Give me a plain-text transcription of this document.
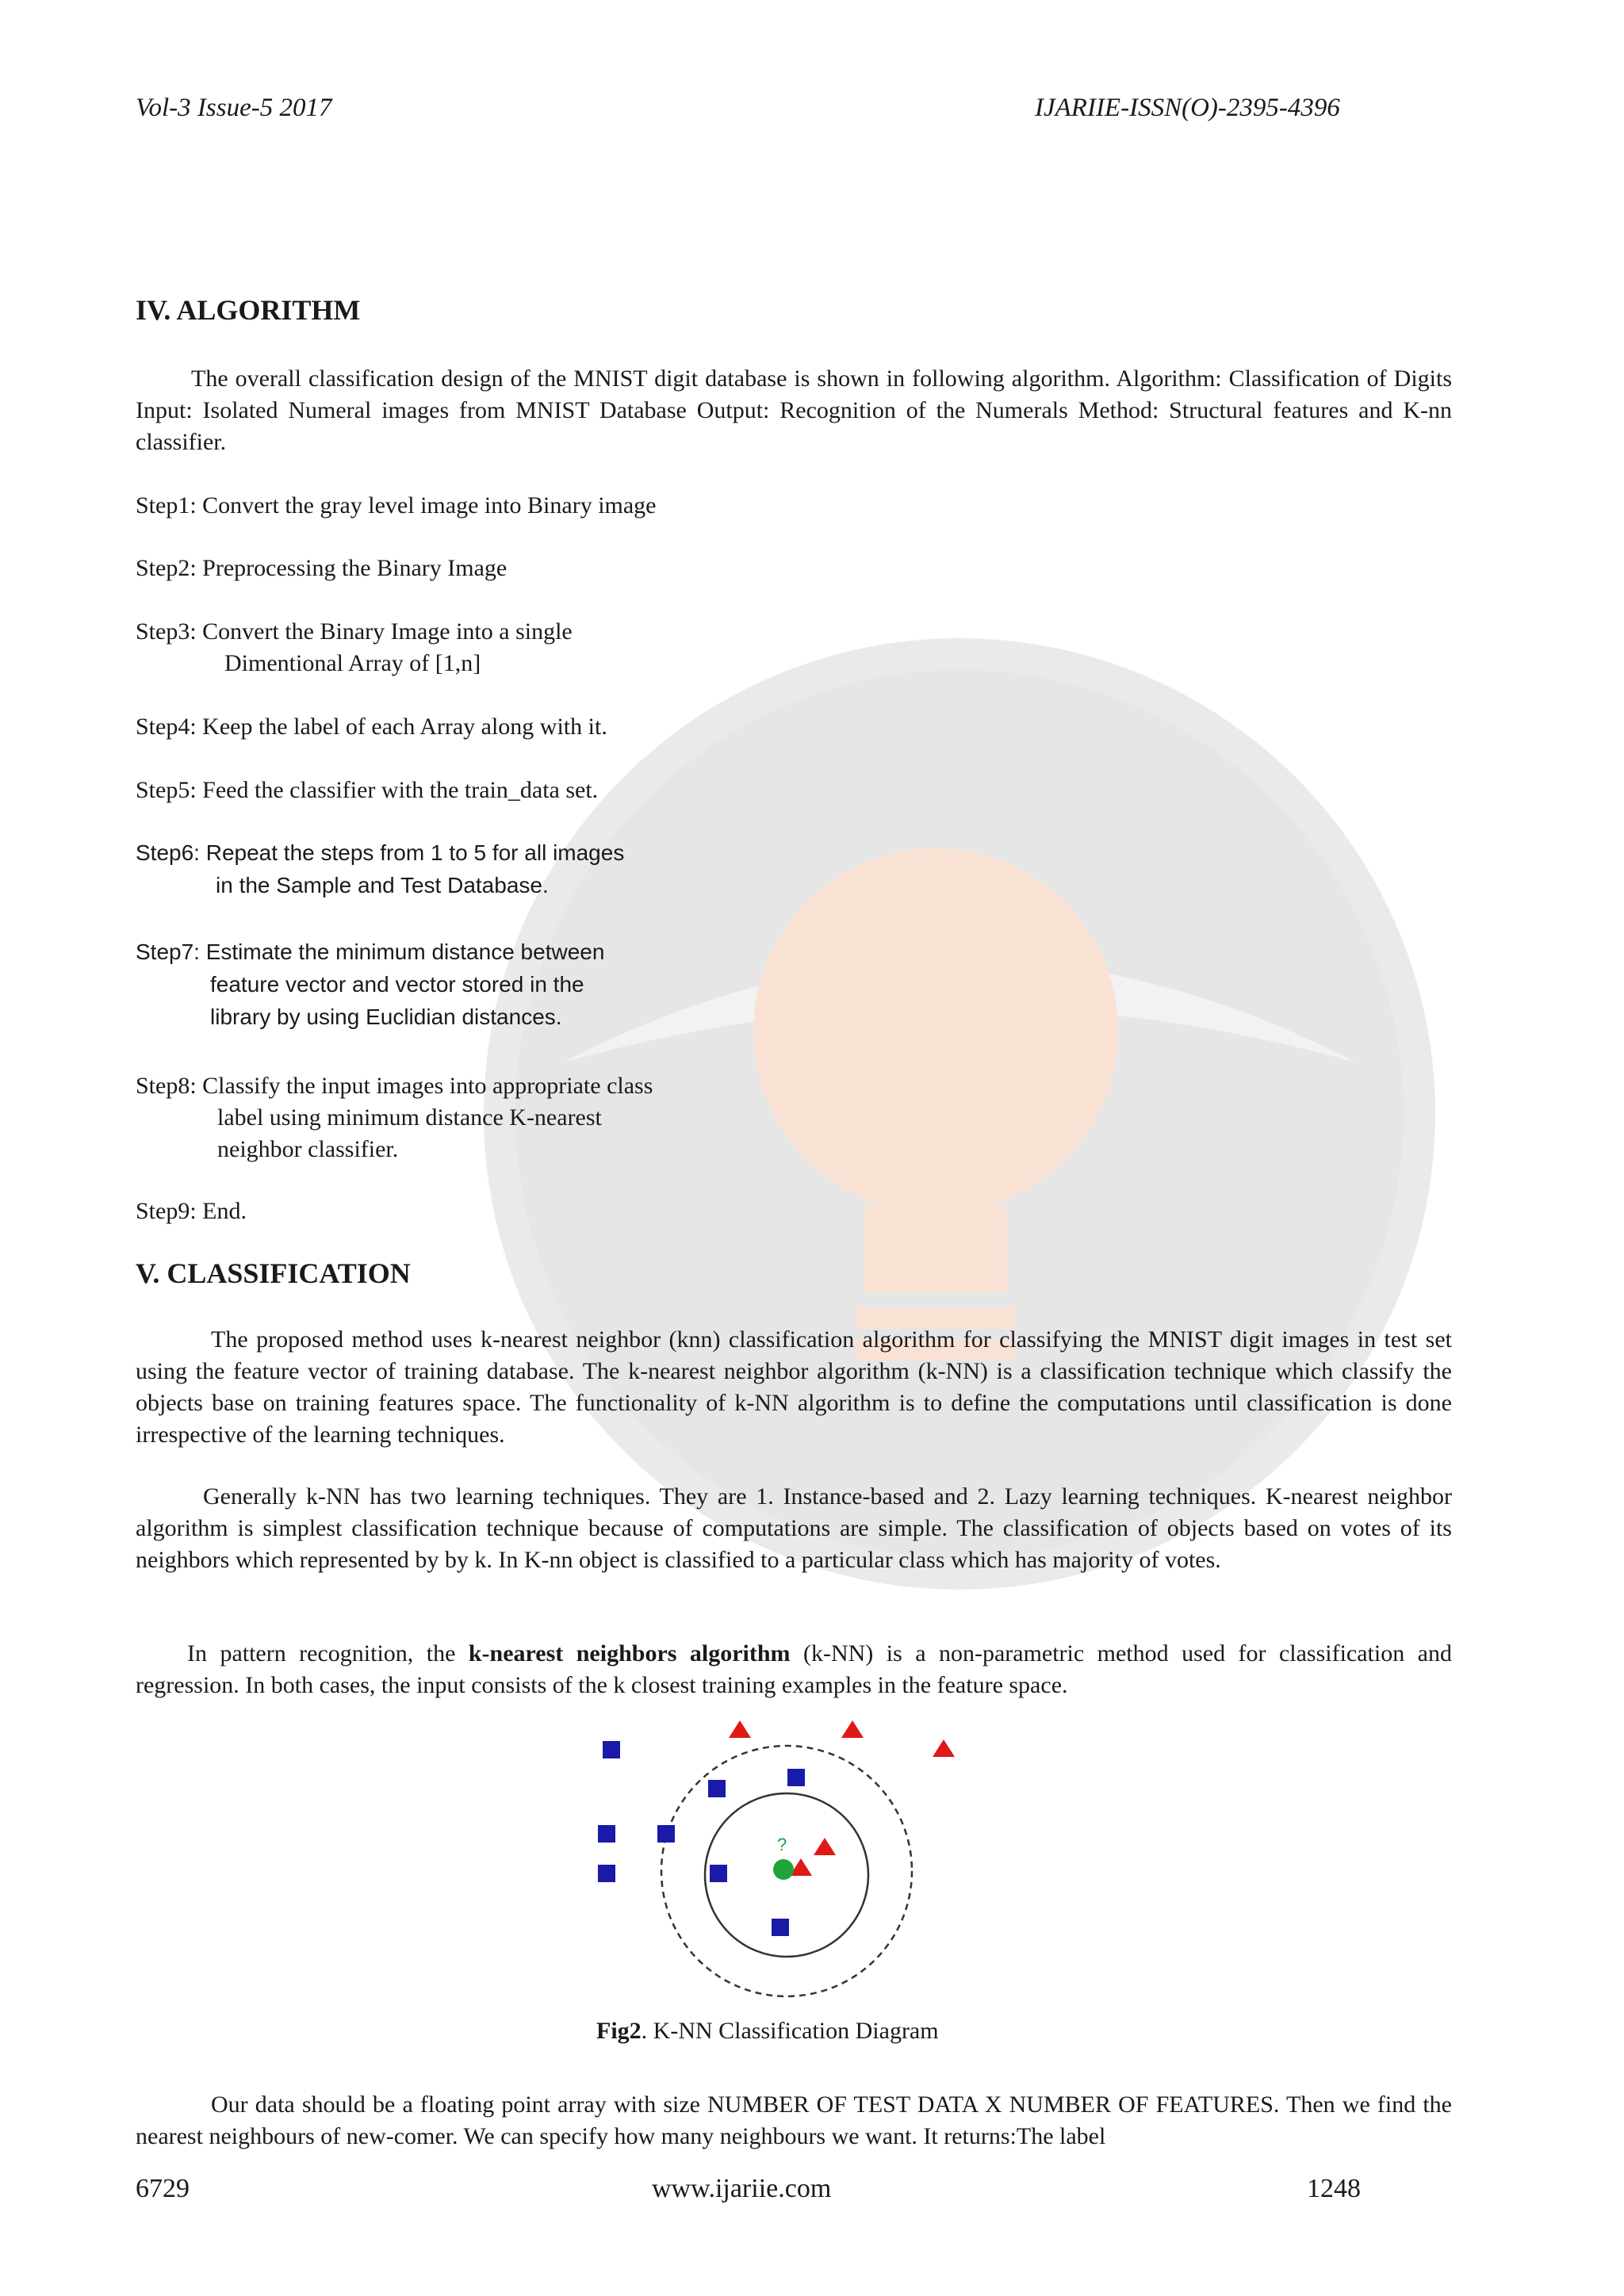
Vol-3 Issue-5 2017	IJARIIE-ISSN(O)-2395-4396
IV. ALGORITHM

The overall classification design of the MNIST digit database is shown in following algorithm. Algorithm: Classification of Digits Input: Isolated Numeral images from MNIST Database Output: Recognition of the Numerals Method: Structural features and K-nn classifier.

Step1: Convert the gray level image into Binary image

Step2: Preprocessing the Binary Image

Step3: Convert the Binary Image into a single
Dimentional Array of [1,n]

Step4: Keep the label of each Array along with it.

Step5: Feed the classifier with the train_data set.

Step6: Repeat the steps from 1 to 5 for all images
in the Sample and Test Database.

Step7: Estimate the minimum distance between
feature vector and vector stored in the
library by using Euclidian distances.

Step8: Classify the input images into appropriate class
label using minimum distance K-nearest
neighbor classifier.

Step9: End.

V. CLASSIFICATION

The proposed method uses k-nearest neighbor (knn) classification algorithm for classifying the MNIST digit images in test set using the feature vector of training database. The k-nearest neighbor algorithm (k-NN) is a classification technique which classify the objects base on training features space. The functionality of k-NN algorithm is to define the computations until classification is done irrespective of the learning techniques.

Generally k-NN has two learning techniques. They are 1. Instance-based and 2. Lazy learning techniques. K-nearest neighbor algorithm is simplest classification technique because of computations are simple. The classification of objects based on votes of its neighbors which represented by by k. In K-nn object is classified to a particular class which has majority of votes.

In pattern recognition, the k-nearest neighbors algorithm (k-NN) is a non-parametric method used for classification and regression. In both cases, the input consists of the k closest training examples in the feature space.

?
Fig2. K-NN Classification Diagram

Our data should be a floating point array with size NUMBER OF TEST DATA X NUMBER OF FEATURES. Then we find the nearest neighbours of new-comer. We can specify how many neighbours we want. It returns:The label

6729	www.ijariie.com	1248
